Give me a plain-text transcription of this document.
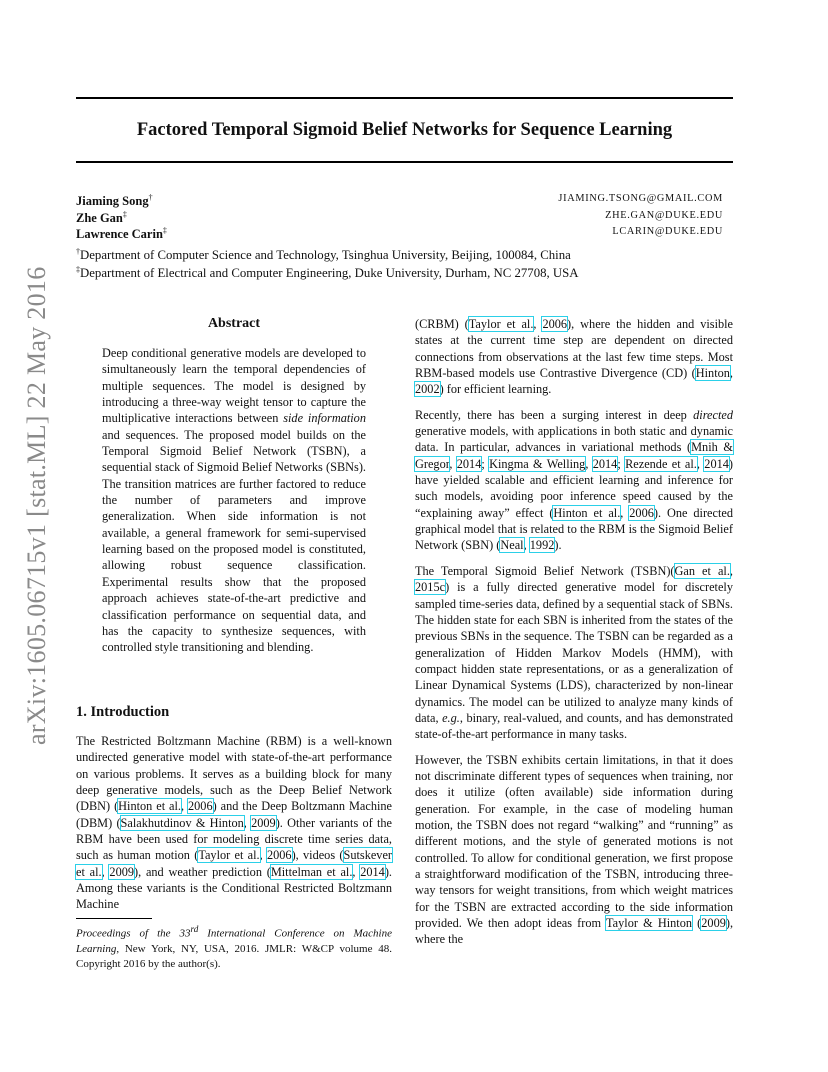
Factored Temporal Sigmoid Belief Networks for Sequence Learning
Jiaming Song†	JIAMING.TSONG@GMAIL.COM
Zhe Gan‡	ZHE.GAN@DUKE.EDU
Lawrence Carin‡	LCARIN@DUKE.EDU
†Department of Computer Science and Technology, Tsinghua University, Beijing, 100084, China
‡Department of Electrical and Computer Engineering, Duke University, Durham, NC 27708, USA
arXiv:1605.06715v1 [stat.ML] 22 May 2016	Abstract
Deep conditional generative models are developed to simultaneously learn the temporal dependencies of multiple sequences. The model is designed by introducing a three-way weight tensor to capture the multiplicative interactions between side information and sequences. The proposed model builds on the Temporal Sigmoid Belief Network (TSBN), a sequential stack of Sigmoid Belief Networks (SBNs). The transition matrices are further factored to reduce the number of parameters and improve generalization. When side information is not available, a general framework for semi-supervised learning based on the proposed model is constituted, allowing robust sequence classification. Experimental results show that the proposed approach achieves state-of-the-art predictive and classification performance on sequential data, and has the capacity to synthesize sequences, with controlled style transitioning and blending.
1. Introduction
The Restricted Boltzmann Machine (RBM) is a well-known undirected generative model with state-of-the-art performance on various problems. It serves as a building block for many deep generative models, such as the Deep Belief Network (DBN) (Hinton et al., 2006) and the Deep Boltzmann Machine (DBM) (Salakhutdinov & Hinton, 2009). Other variants of the RBM have been used for modeling discrete time series data, such as human motion (Taylor et al., 2006), videos (Sutskever et al., 2009), and weather prediction (Mittelman et al., 2014). Among these variants is the Conditional Restricted Boltzmann Machine
Proceedings of the 33rd International Conference on Machine Learning, New York, NY, USA, 2016. JMLR: W&CP volume 48. Copyright 2016 by the author(s).

(CRBM) (Taylor et al., 2006), where the hidden and visible states at the current time step are dependent on directed connections from observations at the last few time steps. Most RBM-based models use Contrastive Divergence (CD) (Hinton, 2002) for efficient learning.

Recently, there has been a surging interest in deep directed generative models, with applications in both static and dynamic data. In particular, advances in variational methods (Mnih & Gregor, 2014; Kingma & Welling, 2014; Rezende et al., 2014) have yielded scalable and efficient learning and inference for such models, avoiding poor inference speed caused by the “explaining away” effect (Hinton et al., 2006). One directed graphical model that is related to the RBM is the Sigmoid Belief Network (SBN) (Neal, 1992).

The Temporal Sigmoid Belief Network (TSBN)(Gan et al., 2015c) is a fully directed generative model for discretely sampled time-series data, defined by a sequential stack of SBNs. The hidden state for each SBN is inherited from the states of the previous SBNs in the sequence. The TSBN can be regarded as a generalization of Hidden Markov Models (HMM), with compact hidden state representations, or as a generalization of Linear Dynamical Systems (LDS), characterized by non-linear dynamics. The model can be utilized to analyze many kinds of data, e.g., binary, real-valued, and counts, and has demonstrated state-of-the-art performance in many tasks.

However, the TSBN exhibits certain limitations, in that it does not discriminate different types of sequences when training, nor does it utilize (often available) side information during generation. For example, in the case of modeling human motion, the TSBN does not regard “walking” and “running” as different motions, and the style of generated motions is not controlled. To allow for conditional generation, we first propose a straightforward modification of the TSBN, introducing three-way tensors for weight transitions, from which weight matrices for the TSBN are extracted according to the side information provided. We then adopt ideas from Taylor & Hinton (2009), where the
